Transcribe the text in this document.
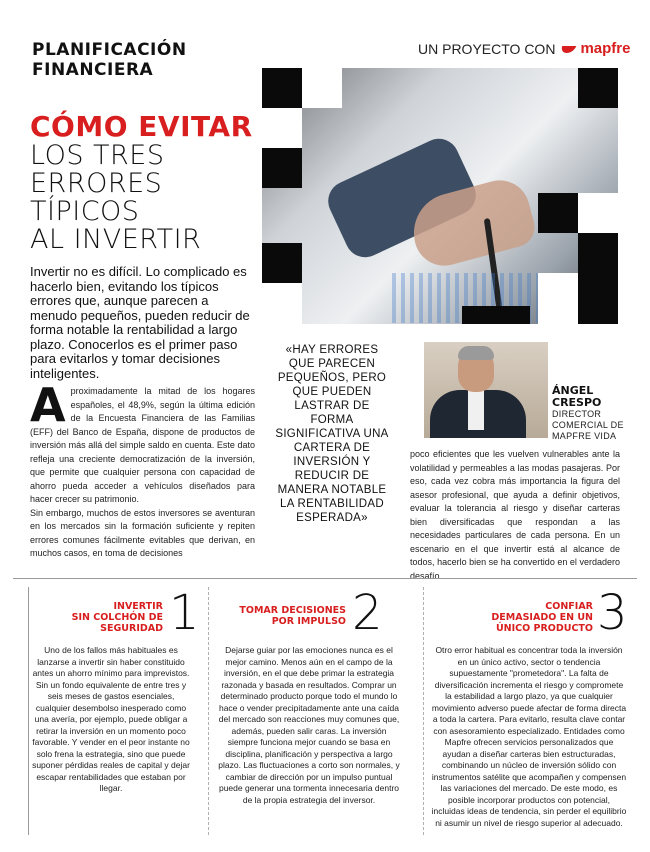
PLANIFICACIÓN
FINANCIERA
UN PROYECTO CON mapfre
CÓMO EVITAR
LOS TRES
ERRORES
TÍPICOS
AL INVERTIR
Invertir no es difícil. Lo complicado es hacerlo bien, evitando los típicos errores que, aunque parecen a menudo pequeños, pueden reducir de forma notable la rentabilidad a largo plazo. Conocerlos es el primer paso para evitarlos y tomar decisiones inteligentes.

Aproximadamente la mitad de los hogares españoles, el 48,9%, según la última edición de la Encuesta Financiera de las Familias (EFF) del Banco de España, dispone de productos de inversión más allá del simple saldo en cuenta. Este dato refleja una creciente democratización de la inversión, que permite que cualquier persona con capacidad de ahorro pueda acceder a vehículos diseñados para hacer crecer su patrimonio.

Sin embargo, muchos de estos inversores se aventuran en los mercados sin la formación suficiente y repiten errores comunes fácilmente evitables que derivan, en muchos casos, en toma de decisiones

«HAY ERRORES QUE PARECEN PEQUEÑOS, PERO QUE PUEDEN LASTRAR DE FORMA SIGNIFICATIVA UNA CARTERA DE INVERSIÓN Y REDUCIR DE MANERA NOTABLE LA RENTABILIDAD ESPERADA»
ÁNGEL
CRESPO
DIRECTOR
COMERCIAL DE
MAPFRE VIDA
poco eficientes que les vuelven vulnerables ante la volatilidad y permeables a las modas pasajeras. Por eso, cada vez cobra más importancia la figura del asesor profesional, que ayuda a definir objetivos, evaluar la tolerancia al riesgo y diseñar carteras bien diversificadas que respondan a las necesidades particulares de cada persona. En un escenario en el que invertir está al alcance de todos, hacerlo bien se ha convertido en el verdadero desafío.
INVERTIR
SIN COLCHÓN DE
SEGURIDAD 1
Uno de los fallos más habituales es lanzarse a invertir sin haber constituido antes un ahorro mínimo para imprevistos. Sin un fondo equivalente de entre tres y seis meses de gastos esenciales, cualquier desembolso inesperado como una avería, por ejemplo, puede obligar a retirar la inversión en un momento poco favorable. Y vender en el peor instante no solo frena la estrategia, sino que puede suponer pérdidas reales de capital y dejar escapar rentabilidades que estaban por llegar.
TOMAR DECISIONES
POR IMPULSO 2
Dejarse guiar por las emociones nunca es el mejor camino. Menos aún en el campo de la inversión, en el que debe primar la estrategia razonada y basada en resultados. Comprar un determinado producto porque todo el mundo lo hace o vender precipitadamente ante una caída del mercado son reacciones muy comunes que, además, pueden salir caras. La inversión siempre funciona mejor cuando se basa en disciplina, planificación y perspectiva a largo plazo. Las fluctuaciones a corto son normales, y cambiar de dirección por un impulso puntual puede generar una tormenta innecesaria dentro de la propia estrategia del inversor.
CONFIAR
DEMASIADO EN UN
ÚNICO PRODUCTO 3
Otro error habitual es concentrar toda la inversión en un único activo, sector o tendencia supuestamente "prometedora". La falta de diversificación incrementa el riesgo y compromete la estabilidad a largo plazo, ya que cualquier movimiento adverso puede afectar de forma directa a toda la cartera. Para evitarlo, resulta clave contar con asesoramiento especializado. Entidades como Mapfre ofrecen servicios personalizados que ayudan a diseñar carteras bien estructuradas, combinando un núcleo de inversión sólido con instrumentos satélite que acompañen y compensen las variaciones del mercado. De este modo, es posible incorporar productos con potencial, incluidas ideas de tendencia, sin perder el equilibrio ni asumir un nivel de riesgo superior al adecuado.
